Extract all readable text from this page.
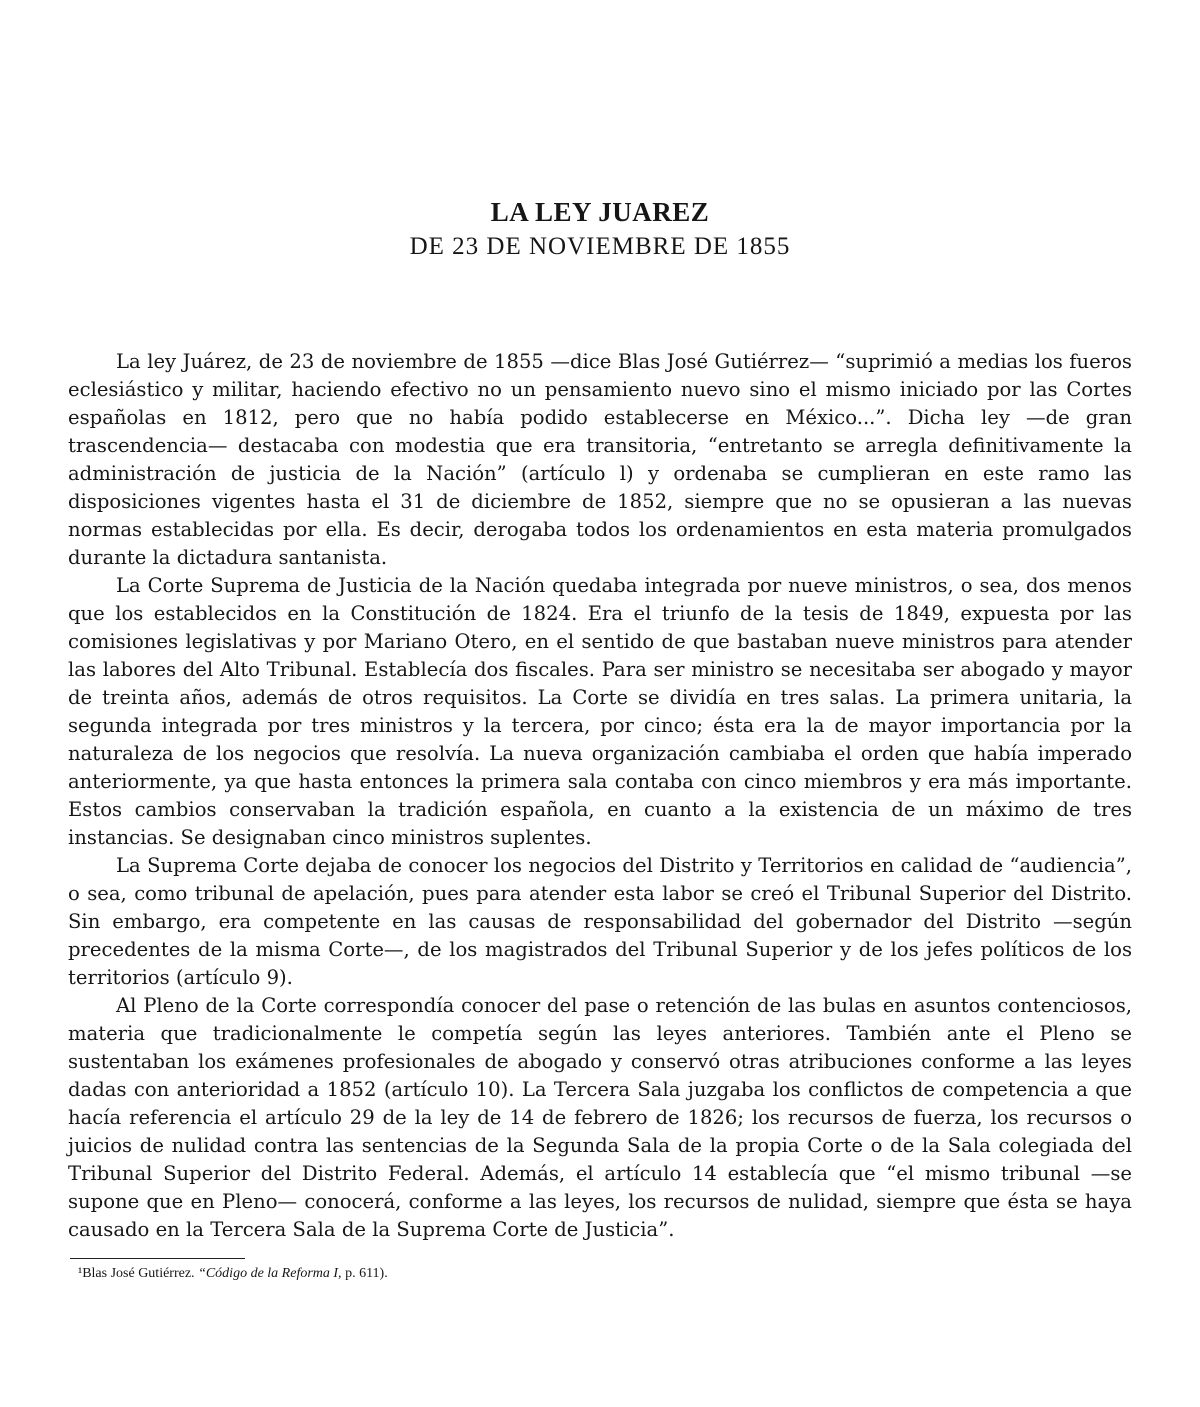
LA LEY JUAREZ
DE 23 DE NOVIEMBRE DE 1855

La ley Juárez, de 23 de noviembre de 1855 —dice Blas José Gutiérrez— “suprimió a medias los fueros eclesiástico y militar, haciendo efectivo no un pensamiento nuevo sino el mismo iniciado por las Cortes españolas en 1812, pero que no había podido establecerse en México...”. Dicha ley —de gran trascendencia— destacaba con modestia que era transitoria, “entretanto se arregla definitivamente la administración de justicia de la Nación” (artículo l) y ordenaba se cumplieran en este ramo las disposiciones vigentes hasta el 31 de diciembre de 1852, siempre que no se opusieran a las nuevas normas establecidas por ella. Es decir, derogaba todos los ordenamientos en esta materia promulgados durante la dictadura santanista.

La Corte Suprema de Justicia de la Nación quedaba integrada por nueve ministros, o sea, dos menos que los establecidos en la Constitución de 1824. Era el triunfo de la tesis de 1849, expuesta por las comisiones legislativas y por Mariano Otero, en el sentido de que bastaban nueve ministros para atender las labores del Alto Tribunal. Establecía dos fiscales. Para ser ministro se necesitaba ser abogado y mayor de treinta años, además de otros requisitos. La Corte se dividía en tres salas. La primera unitaria, la segunda integrada por tres ministros y la tercera, por cinco; ésta era la de mayor importancia por la naturaleza de los negocios que resolvía. La nueva organización cambiaba el orden que había imperado anteriormente, ya que hasta entonces la primera sala contaba con cinco miembros y era más importante. Estos cambios conservaban la tradición española, en cuanto a la existencia de un máximo de tres instancias. Se designaban cinco ministros suplentes.

La Suprema Corte dejaba de conocer los negocios del Distrito y Territorios en calidad de “audiencia”, o sea, como tribunal de apelación, pues para atender esta labor se creó el Tribunal Superior del Distrito. Sin embargo, era competente en las causas de responsabilidad del gobernador del Distrito —según precedentes de la misma Corte—, de los magistrados del Tribunal Superior y de los jefes políticos de los territorios (artículo 9).

Al Pleno de la Corte correspondía conocer del pase o retención de las bulas en asuntos contenciosos, materia que tradicionalmente le competía según las leyes anteriores. También ante el Pleno se sustentaban los exámenes profesionales de abogado y conservó otras atribuciones conforme a las leyes dadas con anterioridad a 1852 (artículo 10). La Tercera Sala juzgaba los conflictos de competencia a que hacía referencia el artículo 29 de la ley de 14 de febrero de 1826; los recursos de fuerza, los recursos o juicios de nulidad contra las sentencias de la Segunda Sala de la propia Corte o de la Sala colegiada del Tribunal Superior del Distrito Federal. Además, el artículo 14 establecía que “el mismo tribunal —se supone que en Pleno— conocerá, conforme a las leyes, los recursos de nulidad, siempre que ésta se haya causado en la Tercera Sala de la Suprema Corte de Justicia”.

¹Blas José Gutiérrez. “Código de la Reforma I, p. 611).
